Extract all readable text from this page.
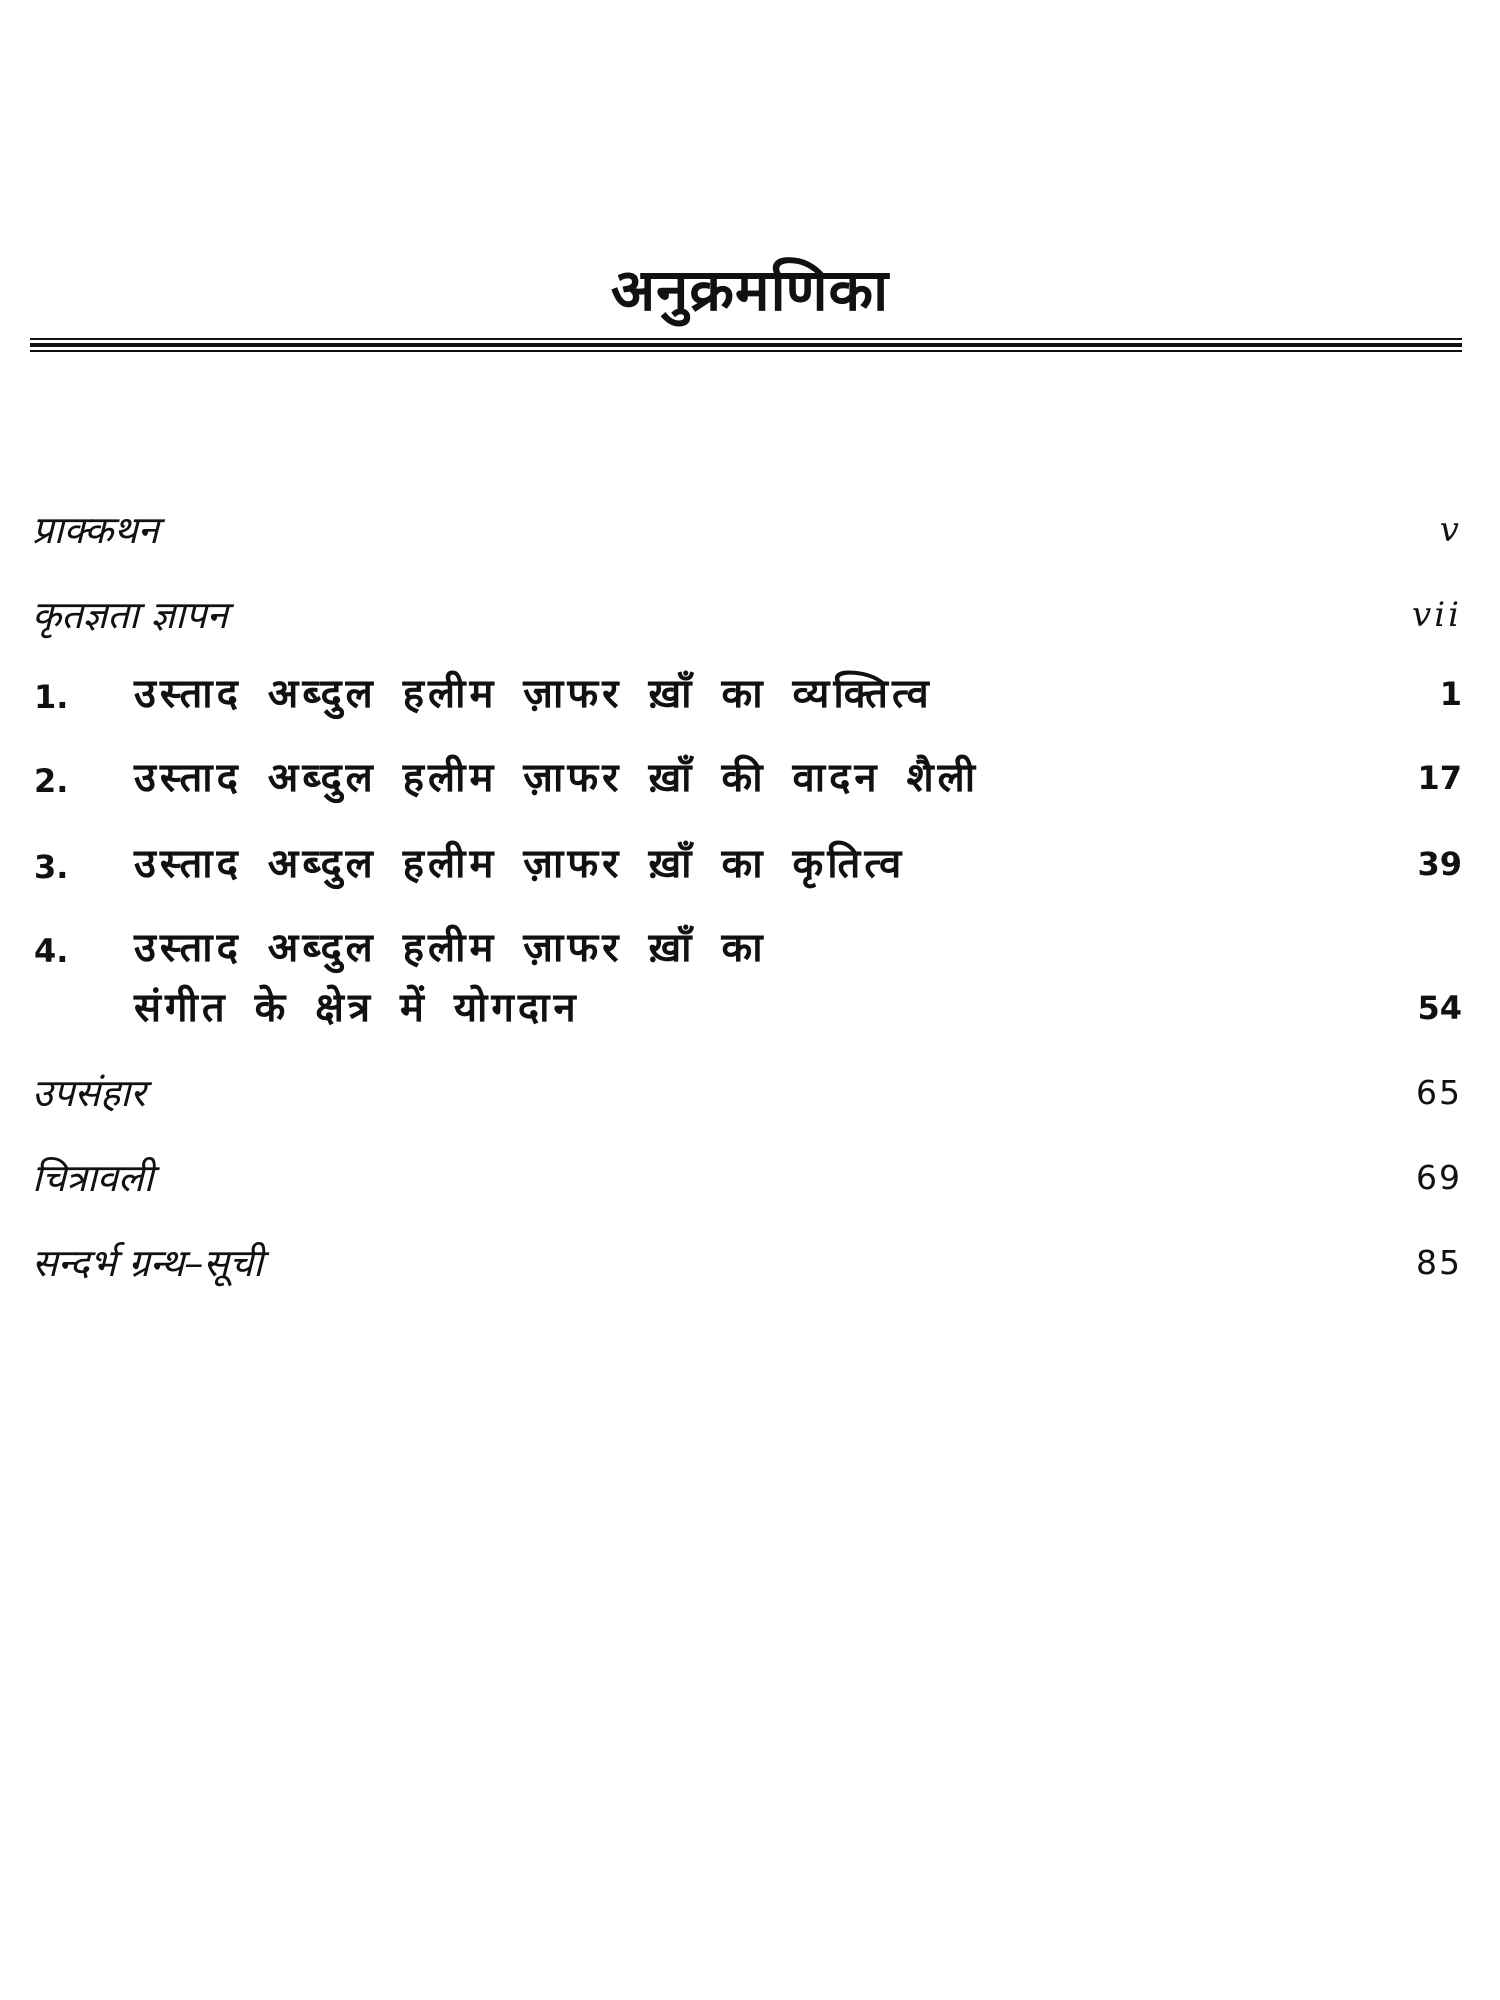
अनुक्रमणिका
प्राक्कथन	v
कृतज्ञता ज्ञापन	vii
1. उस्ताद अब्दुल हलीम ज़ाफर ख़ाँ का व्यक्तित्व	1
2. उस्ताद अब्दुल हलीम ज़ाफर ख़ाँ की वादन शैली	17
3. उस्ताद अब्दुल हलीम ज़ाफर ख़ाँ का कृतित्व	39
4. उस्ताद अब्दुल हलीम ज़ाफर ख़ाँ का
संगीत के क्षेत्र में योगदान	54
उपसंहार	65
चित्रावली	69
सन्दर्भ ग्रन्थ–सूची	85
